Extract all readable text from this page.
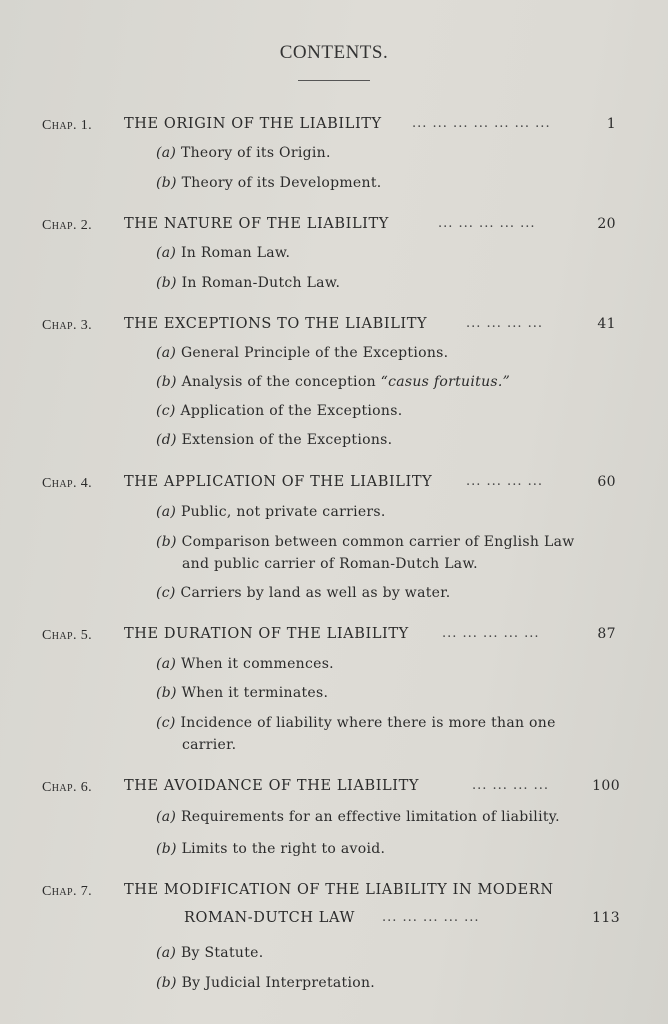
CONTENTS.
Chap. 1. THE ORIGIN OF THE LIABILITY ... ... ... ... ... ... ...	1
(a) Theory of its Origin.
(b) Theory of its Development.
Chap. 2. THE NATURE OF THE LIABILITY	... ... ... ... ...	20
(a) In Roman Law.
(b) In Roman-Dutch Law.
Chap. 3. THE EXCEPTIONS TO THE LIABILITY	... ... ... ...	41
(a) General Principle of the Exceptions.
(b) Analysis of the conception “casus fortuitus.”
(c) Application of the Exceptions.
(d) Extension of the Exceptions.
Chap. 4. THE APPLICATION OF THE LIABILITY	... ... ... ...	60
(a) Public, not private carriers.
(b) Comparison between common carrier of English Law
and public carrier of Roman-Dutch Law.
(c) Carriers by land as well as by water.
Chap. 5. THE DURATION OF THE LIABILITY	... ... ... ... ...	87
(a) When it commences.
(b) When it terminates.
(c) Incidence of liability where there is more than one
carrier.
Chap. 6. THE AVOIDANCE OF THE LIABILITY	... ... ... ...	100
(a) Requirements for an effective limitation of liability.
(b) Limits to the right to avoid.
Chap. 7. THE MODIFICATION OF THE LIABILITY IN MODERN
ROMAN-DUTCH LAW ... ... ... ... ...	113
(a) By Statute.
(b) By Judicial Interpretation.
